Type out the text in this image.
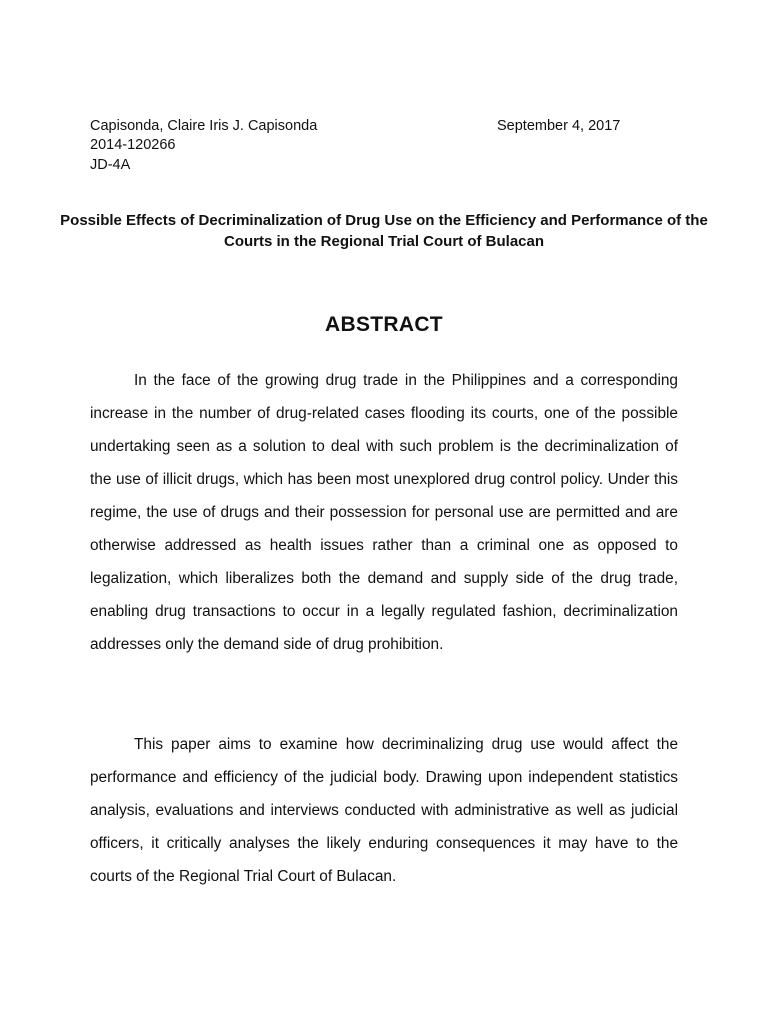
Capisonda, Claire Iris J. Capisonda
2014-120266
JD-4A
September 4, 2017
Possible Effects of Decriminalization of Drug Use on the Efficiency and Performance of the Courts in the Regional Trial Court of Bulacan
ABSTRACT

In the face of the growing drug trade in the Philippines and a corresponding increase in the number of drug-related cases flooding its courts, one of the possible undertaking seen as a solution to deal with such problem is the decriminalization of the use of illicit drugs, which has been most unexplored drug control policy. Under this regime, the use of drugs and their possession for personal use are permitted and are otherwise addressed as health issues rather than a criminal one as opposed to legalization, which liberalizes both the demand and supply side of the drug trade, enabling drug transactions to occur in a legally regulated fashion, decriminalization addresses only the demand side of drug prohibition.

This paper aims to examine how decriminalizing drug use would affect the performance and efficiency of the judicial body. Drawing upon independent statistics analysis, evaluations and interviews conducted with administrative as well as judicial officers, it critically analyses the likely enduring consequences it may have to the courts of the Regional Trial Court of Bulacan.
